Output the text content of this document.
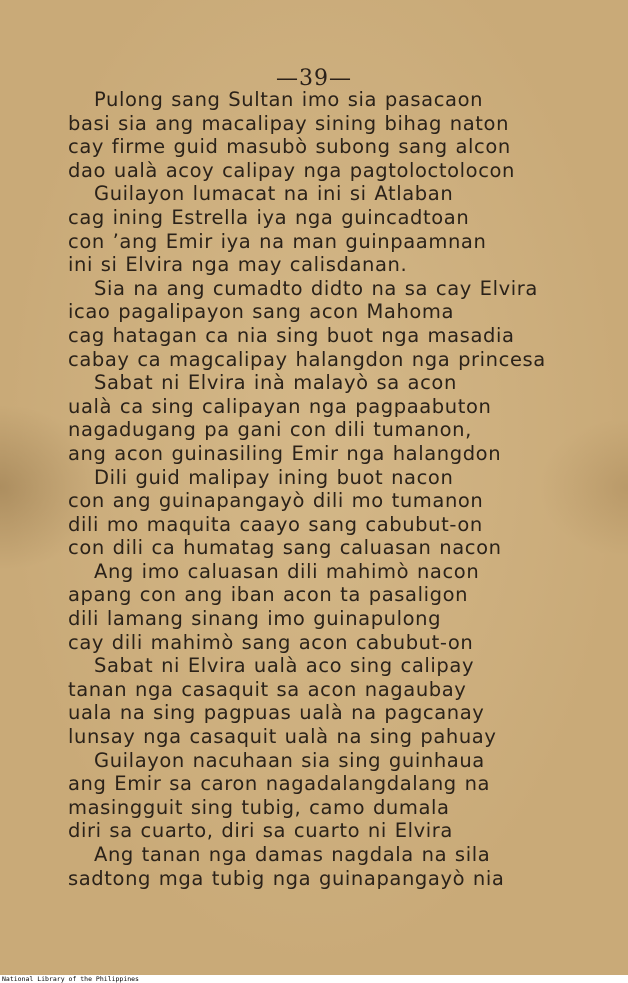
—39—
Pulong sang Sultan imo sia pasacaon
basi sia ang macalipay sining bihag naton
cay firme guid masubò subong sang alcon
dao ualà acoy calipay nga pagtoloctolocon
Guilayon lumacat na ini si Atlaban
cag ining Estrella iya nga guincadtoan
con ’ang Emir iya na man guinpaamnan
ini si Elvira nga may calisdanan.
Sia na ang cumadto didto na sa cay Elvira
icao pagalipayon sang acon Mahoma
cag hatagan ca nia sing buot nga masadia
cabay ca magcalipay halangdon nga princesa
Sabat ni Elvira inà malayò sa acon
ualà ca sing calipayan nga pagpaabuton
nagadugang pa gani con dili tumanon,
ang acon guinasiling Emir nga halangdon
Dili guid malipay ining buot nacon
con ang guinapangayò dili mo tumanon
dili mo maquita caayo sang cabubut-on
con dili ca humatag sang caluasan nacon
Ang imo caluasan dili mahimò nacon
apang con ang iban acon ta pasaligon
dili lamang sinang imo guinapulong
cay dili mahimò sang acon cabubut-on
Sabat ni Elvira ualà aco sing calipay
tanan nga casaquit sa acon nagaubay
uala na sing pagpuas ualà na pagcanay
lunsay nga casaquit ualà na sing pahuay
Guilayon nacuhaan sia sing guinhaua
ang Emir sa caron nagadalangdalang na
masingguit sing tubig, camo dumala
diri sa cuarto, diri sa cuarto ni Elvira
Ang tanan nga damas nagdala na sila
sadtong mga tubig nga guinapangayò nia
National Library of the Philippines
